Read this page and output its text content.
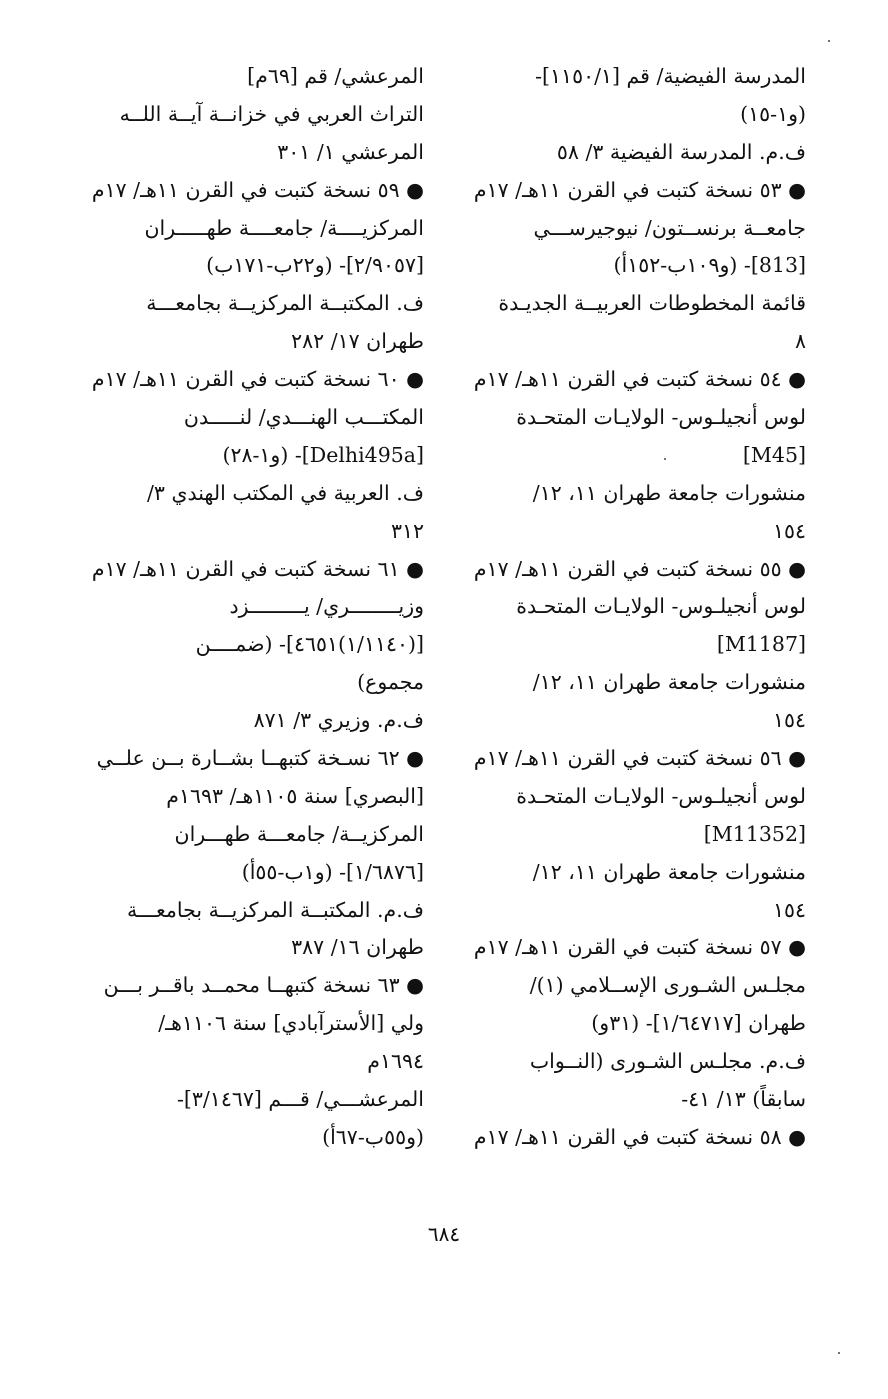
المدرسة الفيضية/ قم [١١٥٠/١]-
(و١-١٥)
ف.م. المدرسة الفيضية ٣/ ٥٨
● ٥٣ نسخة كتبت في القرن ١١هـ/ ١٧م
جامعــة برنســتون/ نيوجيرســـي
[813]- (و١٠٩ب-١٥٢أ)
قائمة المخطوطات العربيــة الجديـدة
٨
● ٥٤ نسخة كتبت في القرن ١١هـ/ ١٧م
لوس أنجيلـوس- الولايـات المتحـدة
[M45]
منشورات جامعة طهران ١١، ١٢/
١٥٤
● ٥٥ نسخة كتبت في القرن ١١هـ/ ١٧م
لوس أنجيلـوس- الولايـات المتحـدة
[M1187]
منشورات جامعة طهران ١١، ١٢/
١٥٤
● ٥٦ نسخة كتبت في القرن ١١هـ/ ١٧م
لوس أنجيلـوس- الولايـات المتحـدة
[M11352]
منشورات جامعة طهران ١١، ١٢/
١٥٤
● ٥٧ نسخة كتبت في القرن ١١هـ/ ١٧م
مجلـس الشـورى الإســلامي (١)/
طهران [١/٦٤٧١٧]- (٣١و)
ف.م. مجلـس الشـورى (النــواب
سابقاً) ١٣/ ٤١-
● ٥٨ نسخة كتبت في القرن ١١هـ/ ١٧م
المرعشي/ قم [٦٩م]
التراث العربي في خزانــة آيــة اللــه
المرعشي ١/ ٣٠١
● ٥٩ نسخة كتبت في القرن ١١هـ/ ١٧م
المركزيــــة/ جامعــــة طهـــــران
[٢/٩٠٥٧]- (و٢٢ب-١٧١ب)
ف. المكتبــة المركزيــة بجامعـــة
طهران ١٧/ ٢٨٢
● ٦٠ نسخة كتبت في القرن ١١هـ/ ١٧م
المكتـــب الهنـــدي/ لنـــــدن
[Delhi495a]- (و١-٢٨)
ف. العربية في المكتب الهندي ٣/
٣١٢
● ٦١ نسخة كتبت في القرن ١١هـ/ ١٧م
وزيــــــــري/ يـــــــــزد
[(١/١١٤٠)٤٦٥١]- (ضمــــن
مجموع)
ف.م. وزيري ٣/ ٨٧١
● ٦٢ نسـخة كتبهــا بشــارة بــن علــي
[البصري] سنة ١١٠٥هـ/ ١٦٩٣م
المركزيــة/ جامعـــة طهـــران
[١/٦٨٧٦]- (و١ب-٥٥أ)
ف.م. المكتبــة المركزيــة بجامعـــة
طهران ١٦/ ٣٨٧
● ٦٣ نسخة كتبهــا محمــد باقــر بـــن
ولي [الأسترآبادي] سنة ١١٠٦هـ/
١٦٩٤م
المرعشـــي/ قـــم [٣/١٤٦٧]-
(و٥٥ب-٦٧أ)
٦٨٤
